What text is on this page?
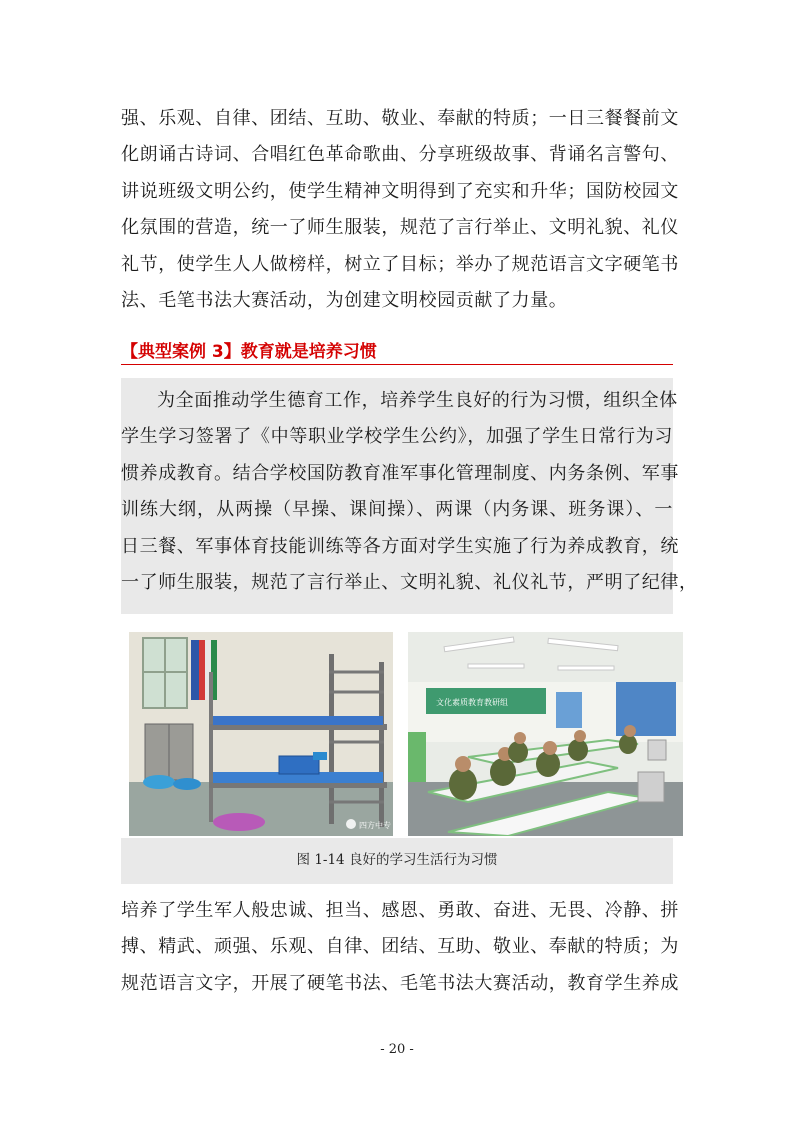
强、乐观、自律、团结、互助、敬业、奉献的特质；一日三餐餐前文
化朗诵古诗词、合唱红色革命歌曲、分享班级故事、背诵名言警句、
讲说班级文明公约，使学生精神文明得到了充实和升华；国防校园文
化氛围的营造，统一了师生服装，规范了言行举止、文明礼貌、礼仪
礼节，使学生人人做榜样，树立了目标；举办了规范语言文字硬笔书
法、毛笔书法大赛活动，为创建文明校园贡献了力量。
【典型案例 3】教育就是培养习惯
为全面推动学生德育工作，培养学生良好的行为习惯，组织全体
学生学习签署了《中等职业学校学生公约》，加强了学生日常行为习
惯养成教育。结合学校国防教育准军事化管理制度、内务条例、军事
训练大纲，从两操（早操、课间操）、两课（内务课、班务课）、一
日三餐、军事体育技能训练等各方面对学生实施了行为养成教育，统
一了师生服装，规范了言行举止、文明礼貌、礼仪礼节，严明了纪律，
四方中专
文化素质教育教研组
图 1-14 良好的学习生活行为习惯
培养了学生军人般忠诚、担当、感恩、勇敢、奋进、无畏、冷静、拼
搏、精武、顽强、乐观、自律、团结、互助、敬业、奉献的特质；为
规范语言文字，开展了硬笔书法、毛笔书法大赛活动，教育学生养成
- 20 -
